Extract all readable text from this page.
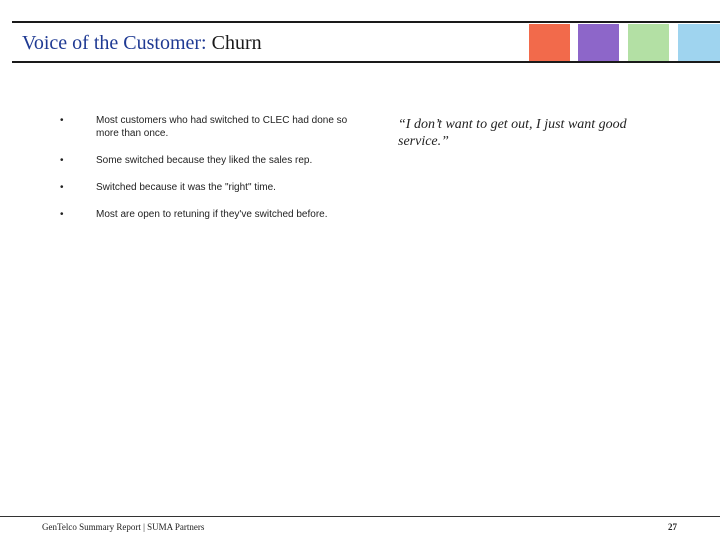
Voice of the Customer: Churn
•	Most customers who had switched to CLEC had done so more than once.
•	Some switched because they liked the sales rep.
•	Switched because it was the "right" time.
•	Most are open to retuning if they've switched before.
“I don’t want to get out, I just want good
service.”
GenTelco Summary Report | SUMA Partners	27
